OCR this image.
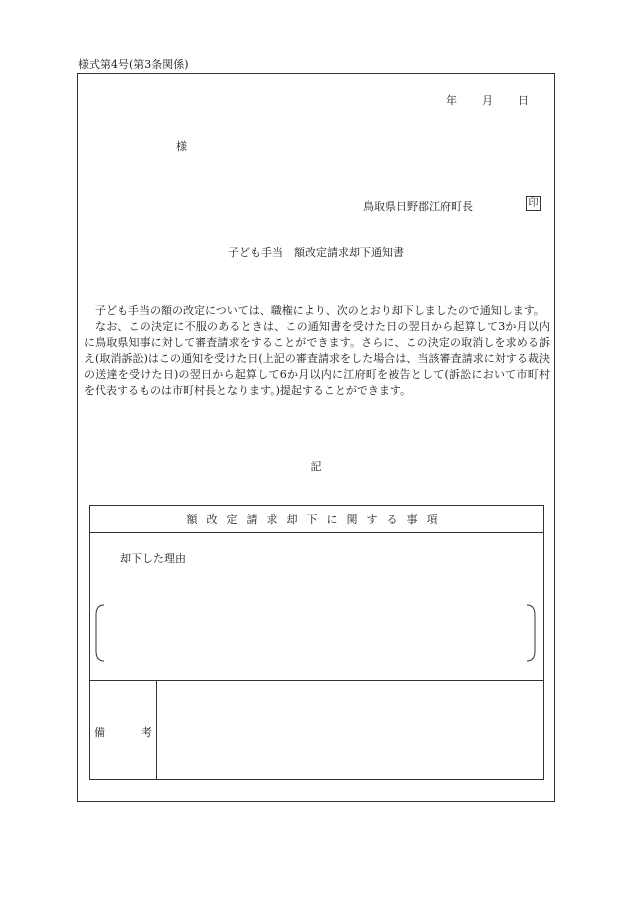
様式第4号(第3条関係)
年 月 日
様
鳥取県日野郡江府町長	印
子ども手当　額改定請求却下通知書

子ども手当の額の改定については、職権により、次のとおり却下しましたので通知します。

なお、この決定に不服のあるときは、この通知書を受けた日の翌日から起算して3か月以内に鳥取県知事に対して審査請求をすることができます。さらに、この決定の取消しを求める訴え(取消訴訟)はこの通知を受けた日(上記の審査請求をした場合は、当該審査請求に対する裁決の送達を受けた日)の翌日から起算して6か月以内に江府町を被告として(訴訟において市町村を代表するものは市町村長となります。)提起することができます。

記
額改定請求却下に関する事項
却下した理由
備	考
